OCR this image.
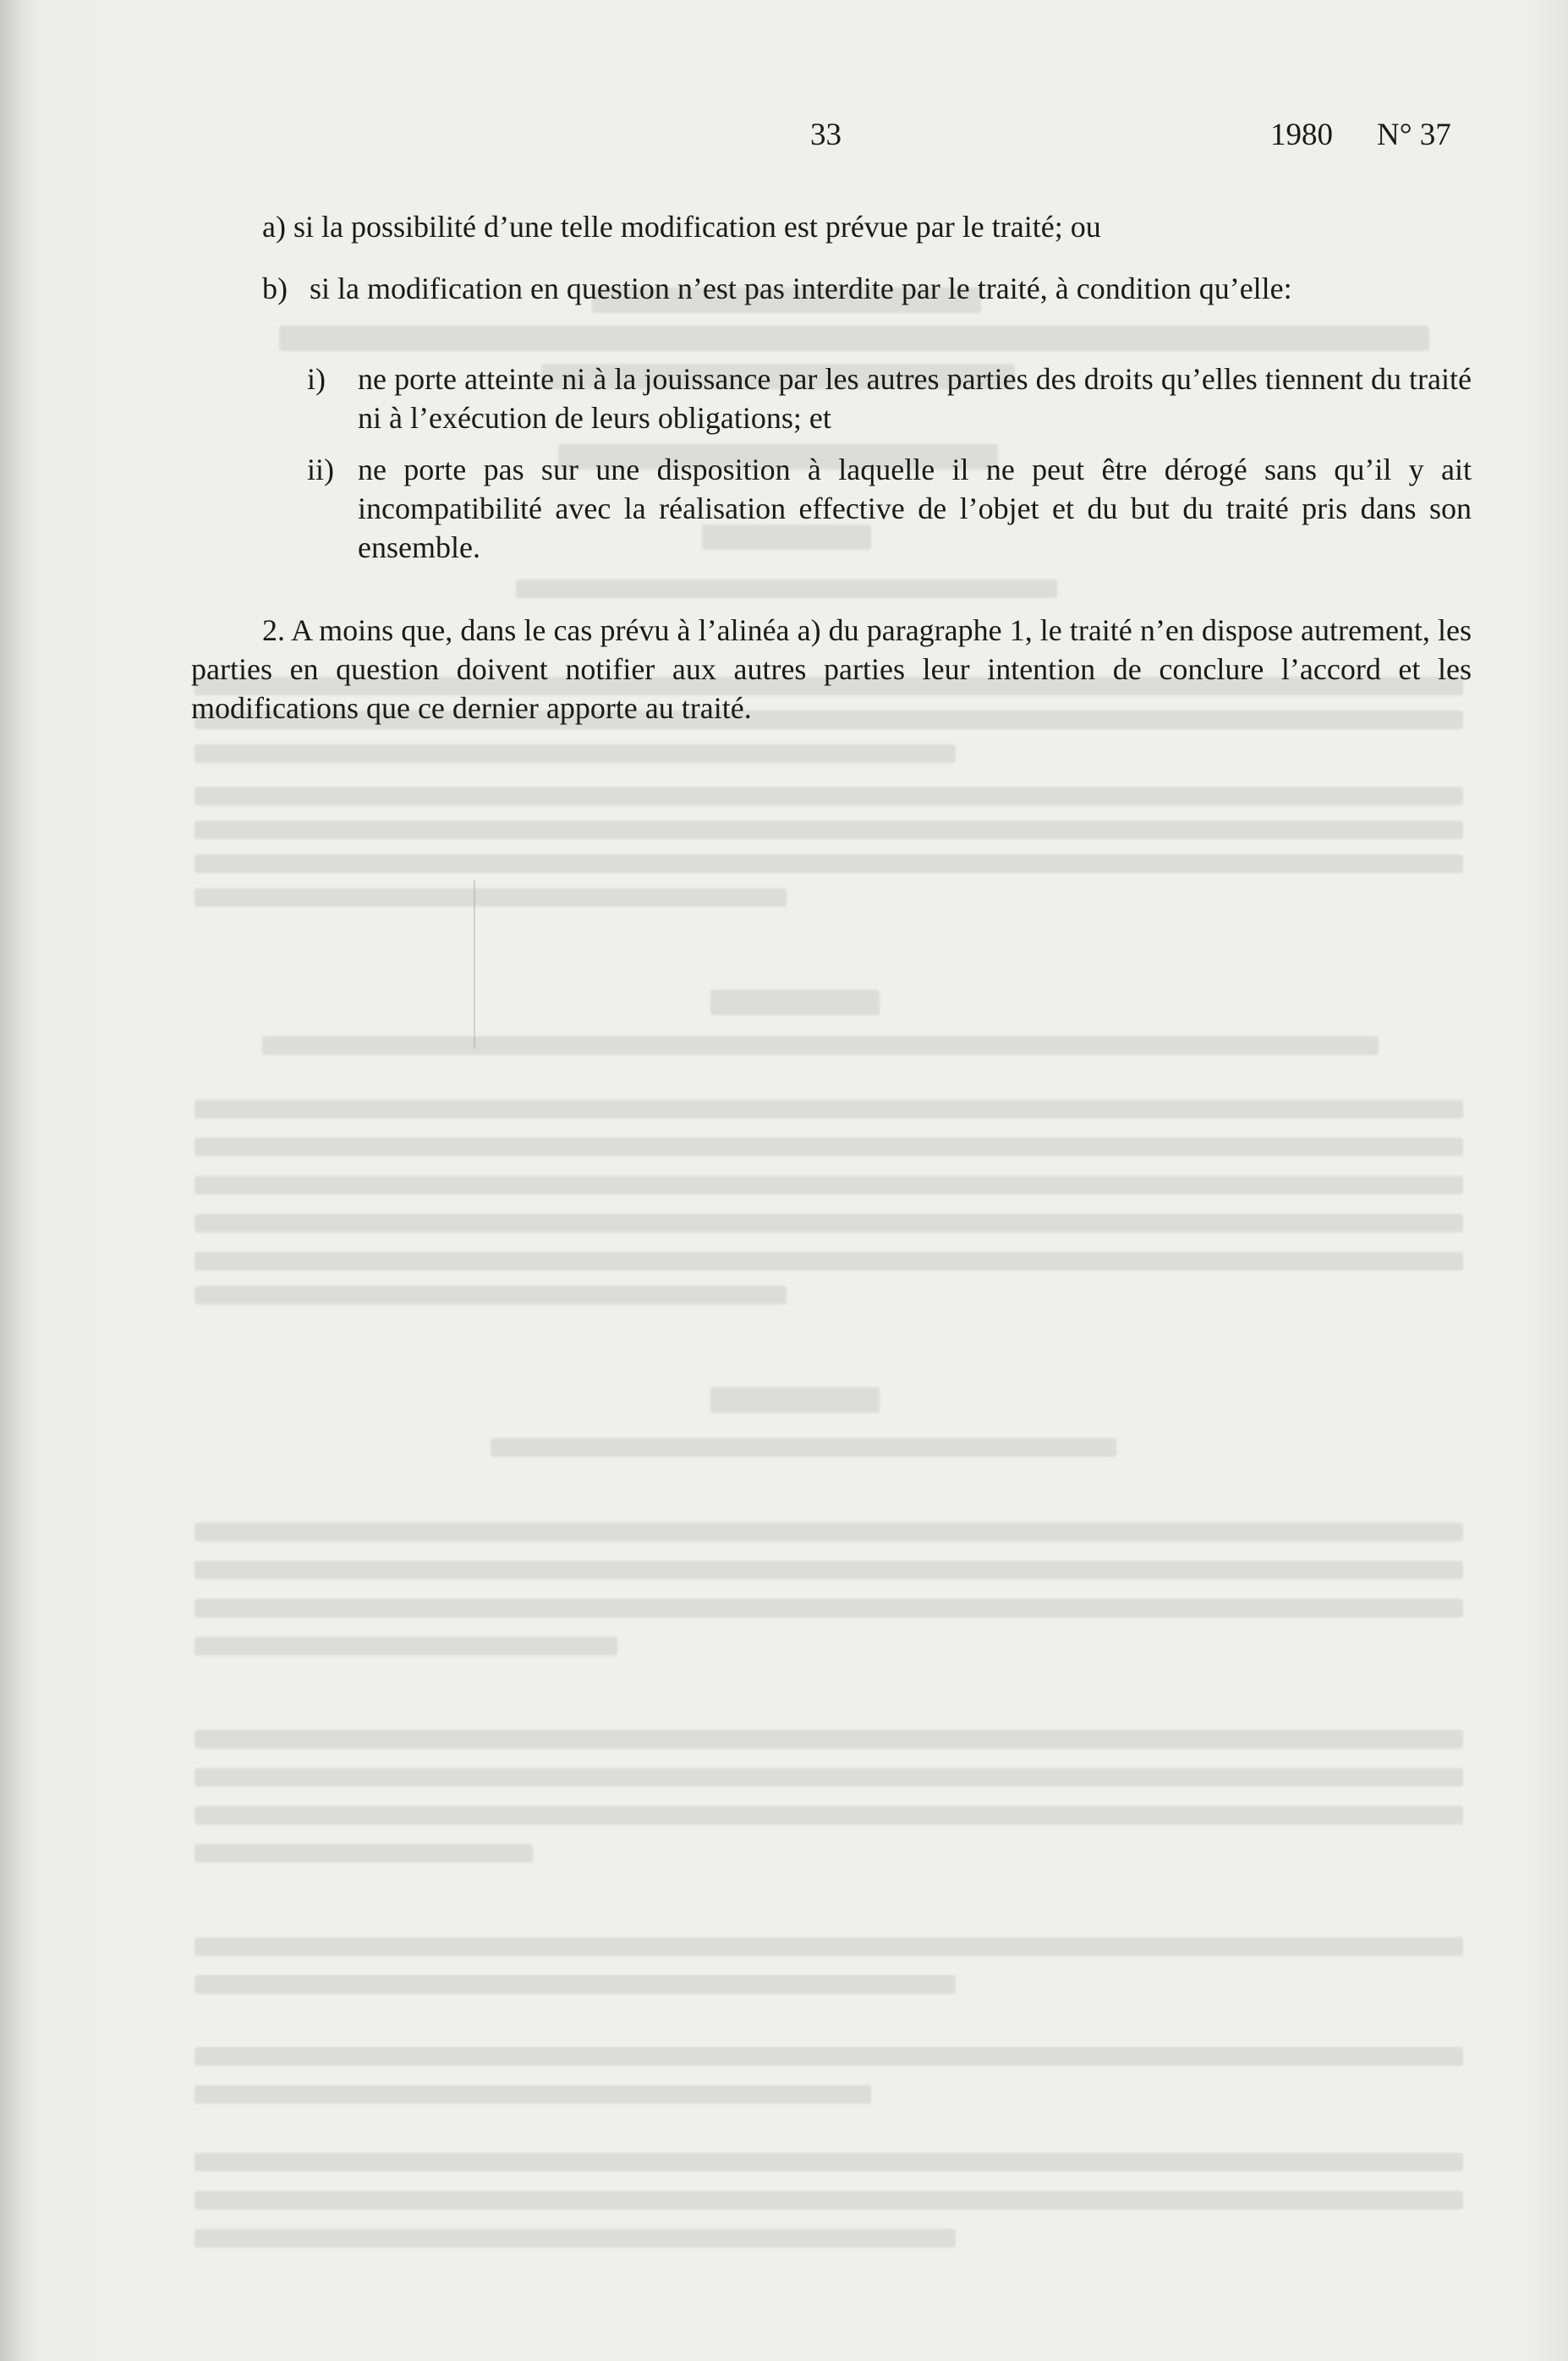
33	1980 N° 37
a) si la possibilité d’une telle modification est prévue par le traité; ou
b) si la modification en question n’est pas interdite par le traité, à condition qu’elle:
i) ne porte atteinte ni à la jouissance par les autres parties des droits qu’elles tiennent du traité ni à l’exécution de leurs obligations; et
ii) ne porte pas sur une disposition à laquelle il ne peut être dérogé sans qu’il y ait incompatibilité avec la réalisation effective de l’objet et du but du traité pris dans son ensemble.
2. A moins que, dans le cas prévu à l’alinéa a) du paragraphe 1, le traité n’en dispose autrement, les parties en question doivent notifier aux autres parties leur intention de conclure l’accord et les modifications que ce dernier apporte au traité.
